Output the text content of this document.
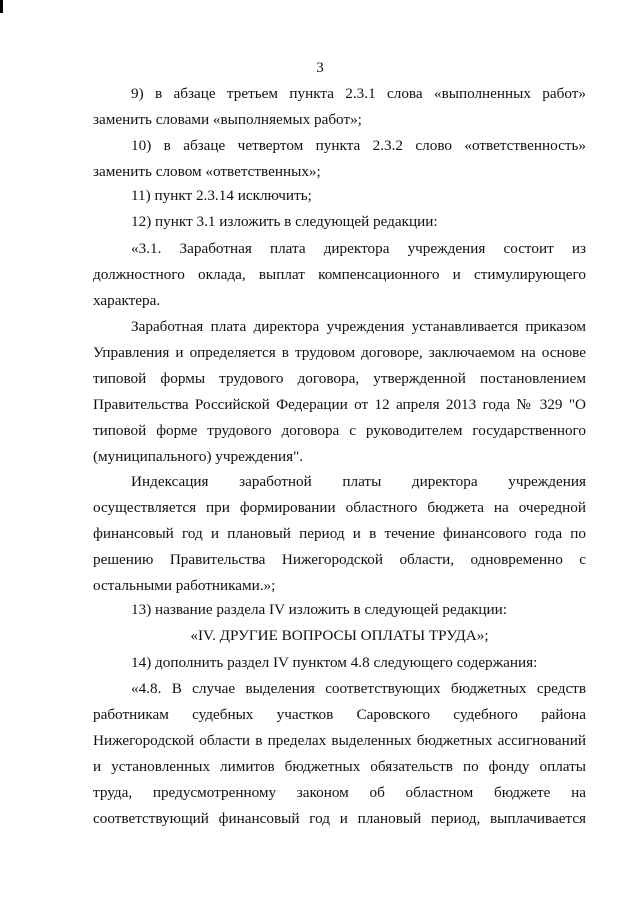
3
9) в абзаце третьем пункта 2.3.1 слова «выполненных работ»
заменить словами «выполняемых работ»;
10) в абзаце четвертом пункта 2.3.2 слово «ответственность»
заменить словом «ответственных»;
11) пункт 2.3.14 исключить;
12) пункт 3.1 изложить в следующей редакции:
«3.1. Заработная плата директора учреждения состоит из
должностного оклада, выплат компенсационного и стимулирующего
характера.
Заработная плата директора учреждения устанавливается приказом
Управления и определяется в трудовом договоре, заключаемом на основе
типовой формы трудового договора, утвержденной постановлением
Правительства Российской Федерации от 12 апреля 2013 года № 329 "О
типовой форме трудового договора с руководителем государственного
(муниципального) учреждения".
Индексация заработной платы директора учреждения
осуществляется при формировании областного бюджета на очередной
финансовый год и плановый период и в течение финансового года по
решению Правительства Нижегородской области, одновременно с
остальными работниками.»;
13) название раздела IV изложить в следующей редакции:
«IV. ДРУГИЕ ВОПРОСЫ ОПЛАТЫ ТРУДА»;
14) дополнить раздел IV пунктом 4.8 следующего содержания:
«4.8. В случае выделения соответствующих бюджетных средств
работникам судебных участков Саровского судебного района
Нижегородской области в пределах выделенных бюджетных ассигнований
и установленных лимитов бюджетных обязательств по фонду оплаты
труда, предусмотренному законом об областном бюджете на
соответствующий финансовый год и плановый период, выплачивается
